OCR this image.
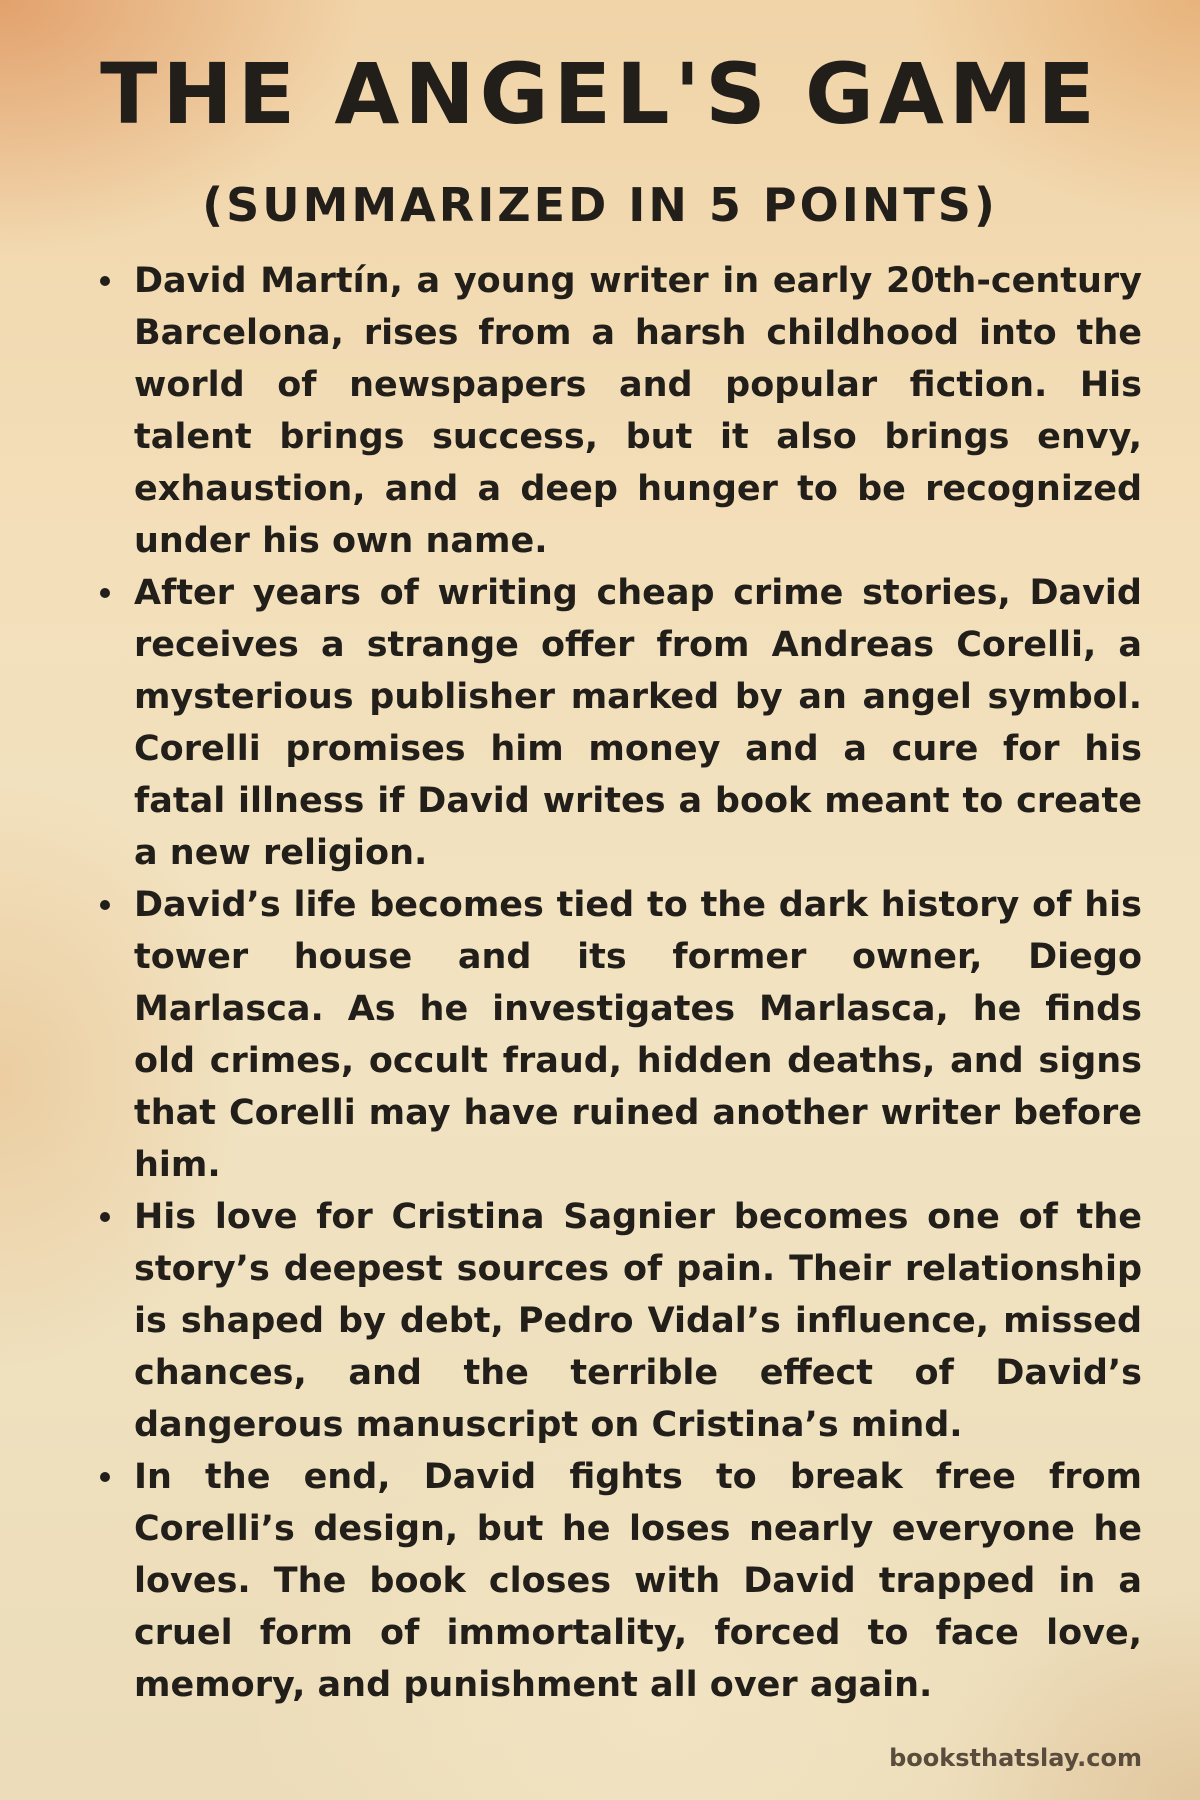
THE ANGEL'S GAME
(SUMMARIZED IN 5 POINTS)
David Martín, a young writer in early 20th-century Barcelona, rises from a harsh childhood into the world of newspapers and popular fiction. His talent brings success, but it also brings envy, exhaustion, and a deep hunger to be recognized under his own name.
After years of writing cheap crime stories, David receives a strange offer from Andreas Corelli, a mysterious publisher marked by an angel symbol. Corelli promises him money and a cure for his fatal illness if David writes a book meant to create a new religion.
David’s life becomes tied to the dark history of his tower house and its former owner, Diego Marlasca. As he investigates Marlasca, he finds old crimes, occult fraud, hidden deaths, and signs that Corelli may have ruined another writer before him.
His love for Cristina Sagnier becomes one of the story’s deepest sources of pain. Their relationship is shaped by debt, Pedro Vidal’s influence, missed chances, and the terrible effect of David’s dangerous manuscript on Cristina’s mind.
In the end, David fights to break free from Corelli’s design, but he loses nearly everyone he loves. The book closes with David trapped in a cruel form of immortality, forced to face love, memory, and punishment all over again.
booksthatslay.com
